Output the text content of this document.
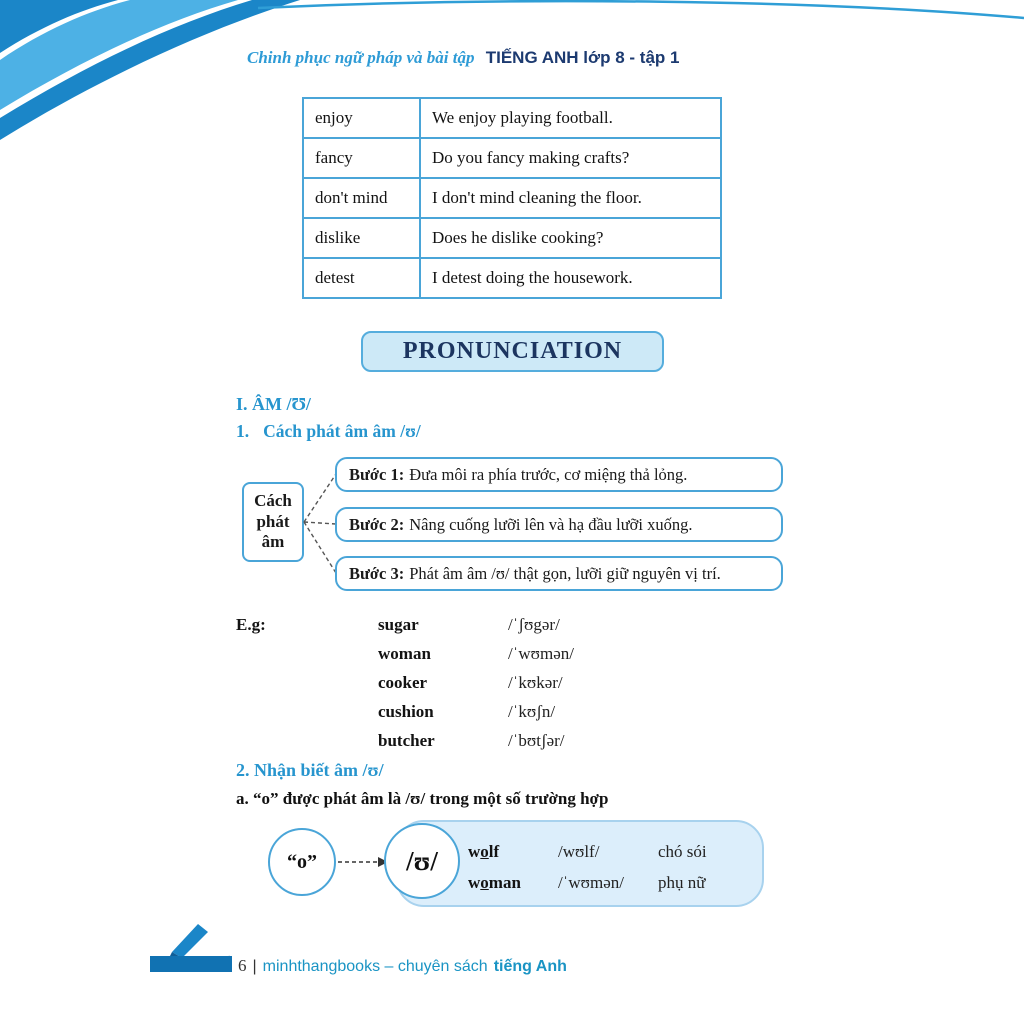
Chinh phục ngữ pháp và bài tập TIẾNG ANH lớp 8 - tập 1
enjoy	We enjoy playing football.
fancy	Do you fancy making crafts?
don't mind	I don't mind cleaning the floor.
dislike	Does he dislike cooking?
detest	I detest doing the housework.
PRONUNCIATION
I. ÂM /Ʊ/
1. Cách phát âm âm /ʊ/
Cách phát âm
Bước 1: Đưa môi ra phía trước, cơ miệng thả lỏng.
Bước 2: Nâng cuống lưỡi lên và hạ đầu lưỡi xuống.
Bước 3: Phát âm âm /ʊ/ thật gọn, lưỡi giữ nguyên vị trí.
E.g:	sugar	/ˈʃʊgər/
woman	/ˈwʊmən/
cooker	/ˈkʊkər/
cushion	/ˈkʊʃn/
butcher	/ˈbʊtʃər/
2. Nhận biết âm /ʊ/
a. “o” được phát âm là /ʊ/ trong một số trường hợp
“o”	/ʊ/	wolf	/wʊlf/	chó sói
woman	/ˈwʊmən/	phụ nữ
6 | minhthangbooks – chuyên sách tiếng Anh
